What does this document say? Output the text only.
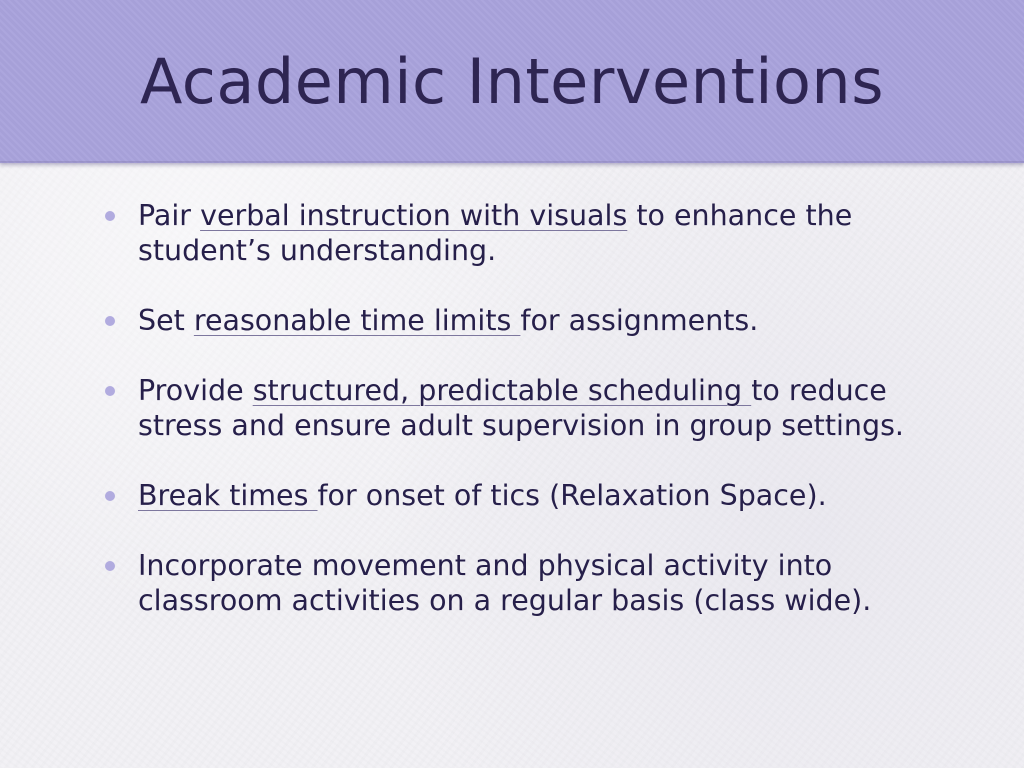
Academic Interventions
Pair verbal instruction with visuals to enhance the student’s understanding.
Set reasonable time limits for assignments.
Provide structured, predictable scheduling to reduce stress and ensure adult supervision in group settings.
Break times for onset of tics (Relaxation Space).
Incorporate movement and physical activity into classroom activities on a regular basis (class wide).
